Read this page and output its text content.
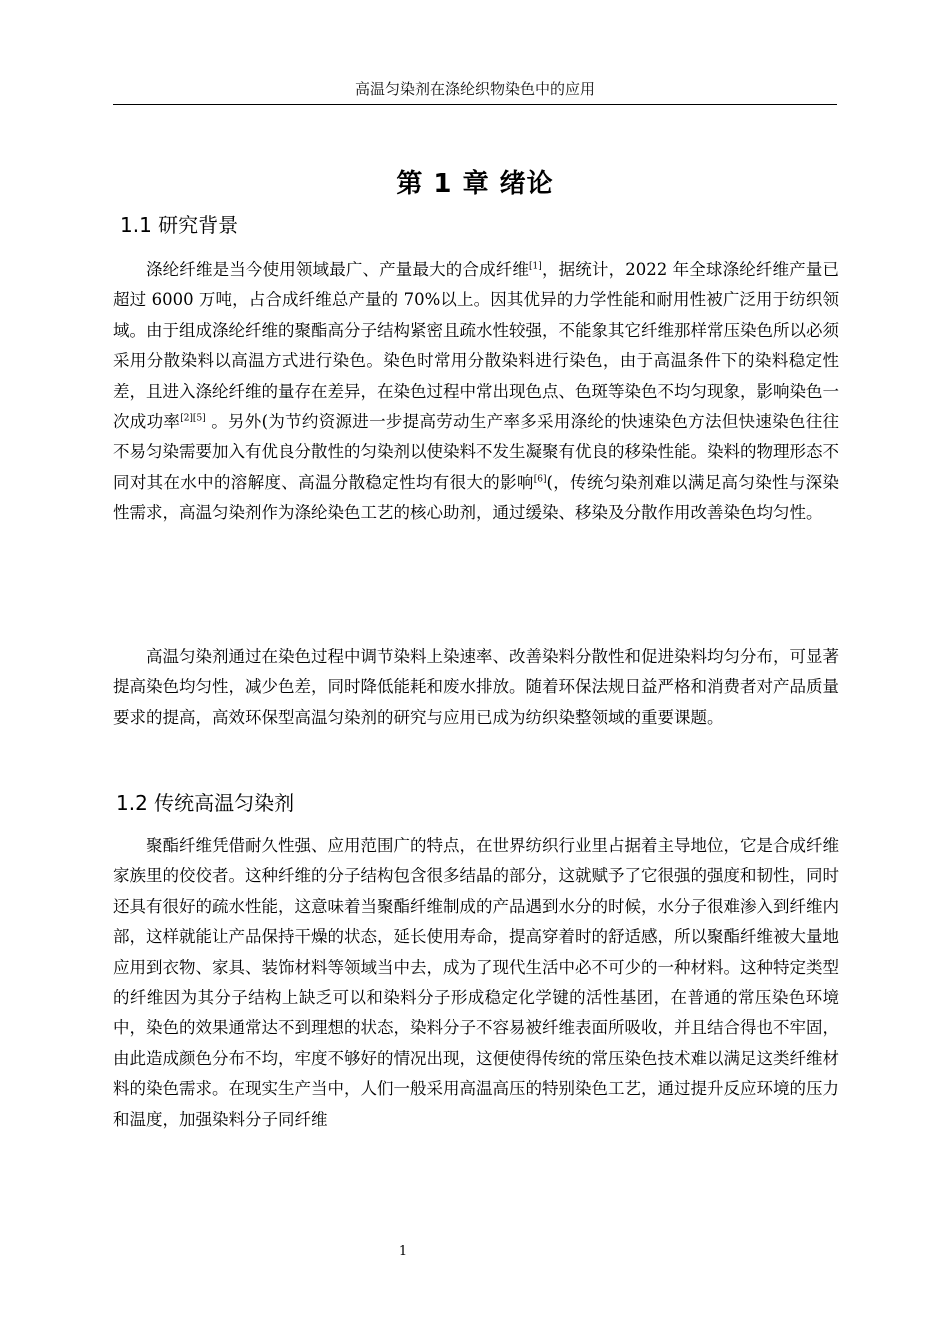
高温匀染剂在涤纶织物染色中的应用
第 1 章 绪论
1.1 研究背景

涤纶纤维是当今使用领域最广、产量最大的合成纤维[1]，据统计，2022 年全球涤纶纤维产量已超过 6000 万吨，占合成纤维总产量的 70%以上。因其优异的力学性能和耐用性被广泛用于纺织领域。由于组成涤纶纤维的聚酯高分子结构紧密且疏水性较强，不能象其它纤维那样常压染色所以必须采用分散染料以高温方式进行染色。染色时常用分散染料进行染色，由于高温条件下的染料稳定性差，且进入涤纶纤维的量存在差异，在染色过程中常出现色点、色斑等染色不均匀现象，影响染色一次成功率[2][5] 。另外(为节约资源进一步提高劳动生产率多采用涤纶的快速染色方法但快速染色往往不易匀染需要加入有优良分散性的匀染剂以使染料不发生凝聚有优良的移染性能。染料的物理形态不同对其在水中的溶解度、高温分散稳定性均有很大的影响[6](，传统匀染剂难以满足高匀染性与深染性需求，高温匀染剂作为涤纶染色工艺的核心助剂，通过缓染、移染及分散作用改善染色均匀性。

高温匀染剂通过在染色过程中调节染料上染速率、改善染料分散性和促进染料均匀分布，可显著提高染色均匀性，减少色差，同时降低能耗和废水排放。随着环保法规日益严格和消费者对产品质量要求的提高，高效环保型高温匀染剂的研究与应用已成为纺织染整领域的重要课题。

1.2 传统高温匀染剂

聚酯纤维凭借耐久性强、应用范围广的特点，在世界纺织行业里占据着主导地位，它是合成纤维家族里的佼佼者。这种纤维的分子结构包含很多结晶的部分，这就赋予了它很强的强度和韧性，同时还具有很好的疏水性能，这意味着当聚酯纤维制成的产品遇到水分的时候，水分子很难渗入到纤维内部，这样就能让产品保持干燥的状态，延长使用寿命，提高穿着时的舒适感，所以聚酯纤维被大量地应用到衣物、家具、装饰材料等领域当中去，成为了现代生活中必不可少的一种材料。这种特定类型的纤维因为其分子结构上缺乏可以和染料分子形成稳定化学键的活性基团，在普通的常压染色环境中，染色的效果通常达不到理想的状态，染料分子不容易被纤维表面所吸收，并且结合得也不牢固，由此造成颜色分布不均，牢度不够好的情况出现，这便使得传统的常压染色技术难以满足这类纤维材料的染色需求。在现实生产当中，人们一般采用高温高压的特别染色工艺，通过提升反应环境的压力和温度，加强染料分子同纤维

1
